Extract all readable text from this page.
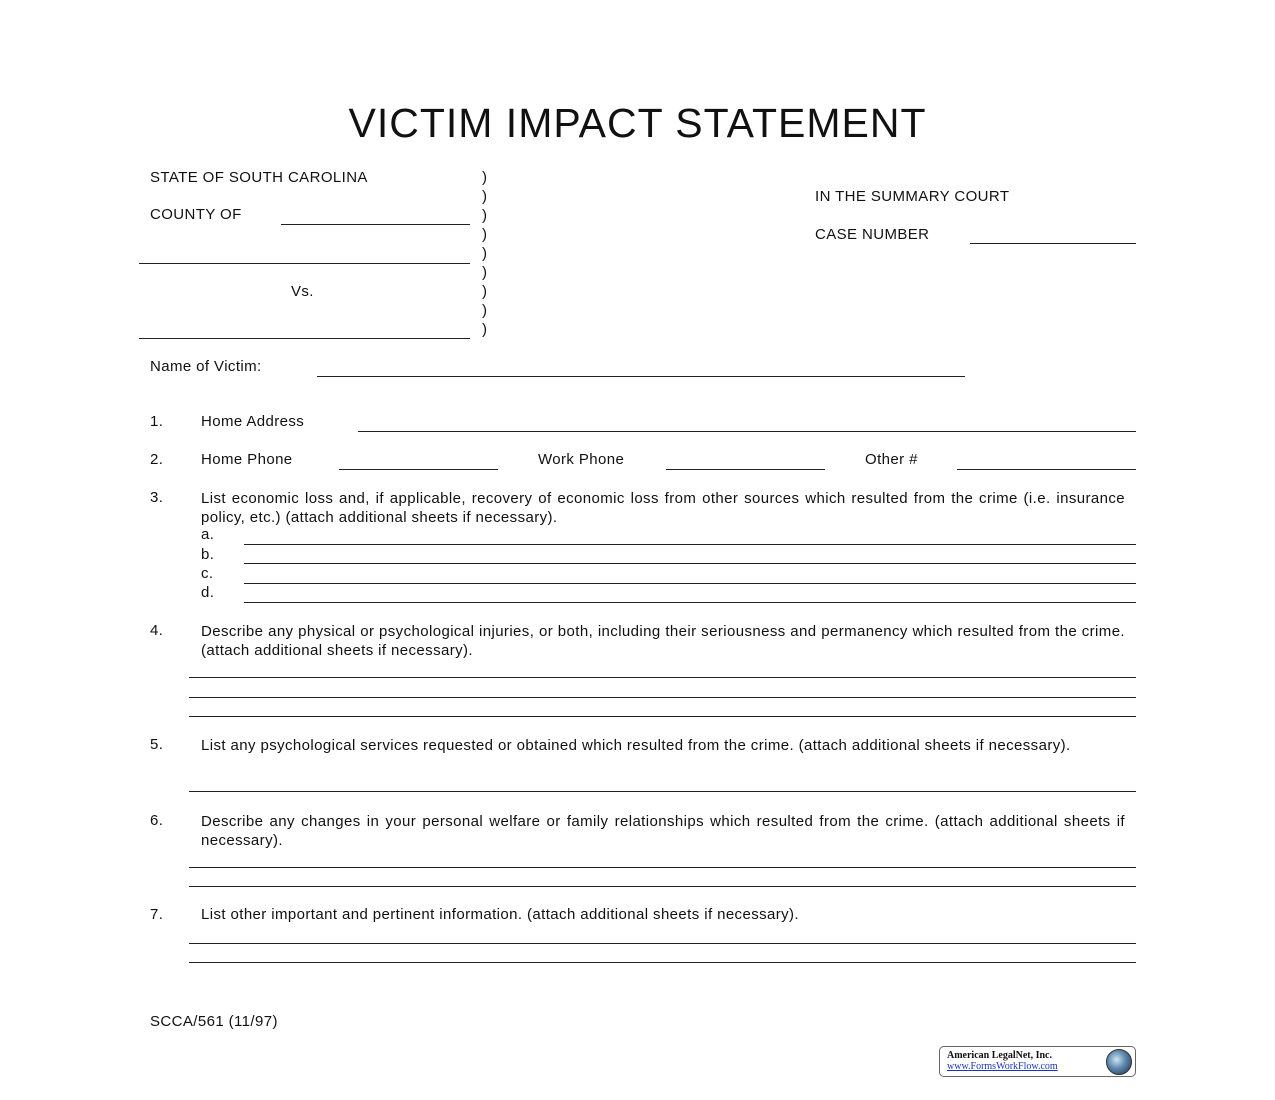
VICTIM IMPACT STATEMENT
STATE OF SOUTH CAROLINA
COUNTY OF
Vs.
)
)
)
)
)
)
)
)
)
IN THE SUMMARY COURT
CASE NUMBER
Name of Victim:
1.	Home Address
2.	Home Phone	Work Phone	Other #
3.	List economic loss and, if applicable, recovery of economic loss from other sources which resulted from the crime (i.e. insurance policy, etc.) (attach additional sheets if necessary).
a.
b.
c.
d.
4.	Describe any physical or psychological injuries, or both, including their seriousness and permanency which resulted from the crime. (attach additional sheets if necessary).
5.	List any psychological services requested or obtained which resulted from the crime. (attach additional sheets if necessary).
6.	Describe any changes in your personal welfare or family relationships which resulted from the crime. (attach additional sheets if necessary).
7.	List other important and pertinent information. (attach additional sheets if necessary).
SCCA/561 (11/97)
American LegalNet, Inc.
www.FormsWorkFlow.com
